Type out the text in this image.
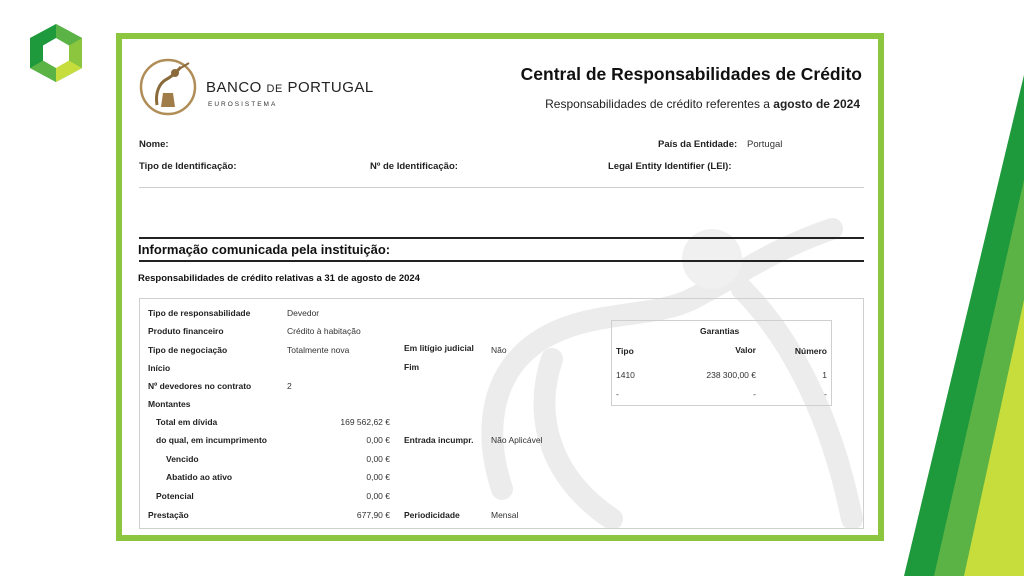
BANCO DE PORTUGAL
EUROSISTEMA
Central de Responsabilidades de Crédito
Responsabilidades de crédito referentes a agosto de 2024
Nome:	País da Entidade: Portugal
Tipo de Identificação:	Nº de Identificação:	Legal Entity Identifier (LEI):
Informação comunicada pela instituição:
Responsabilidades de crédito relativas a 31 de agosto de 2024
Tipo de responsabilidade	Devedor
Produto financeiro	Crédito à habitação
Tipo de negociação	Totalmente nova	Em litígio judicial Não
Início	Fim
Nº devedores no contrato	2
Montantes
Total em dívida	169 562,62 €
do qual, em incumprimento	0,00 € Entrada incumpr. Não Aplicável
Vencido	0,00 €
Abatido ao ativo	0,00 €
Potencial	0,00 €
Prestação	677,90 € Periodicidade	Mensal
Garantias
Tipo	Valor	Número
1410	238 300,00 €	1
-	-	-
